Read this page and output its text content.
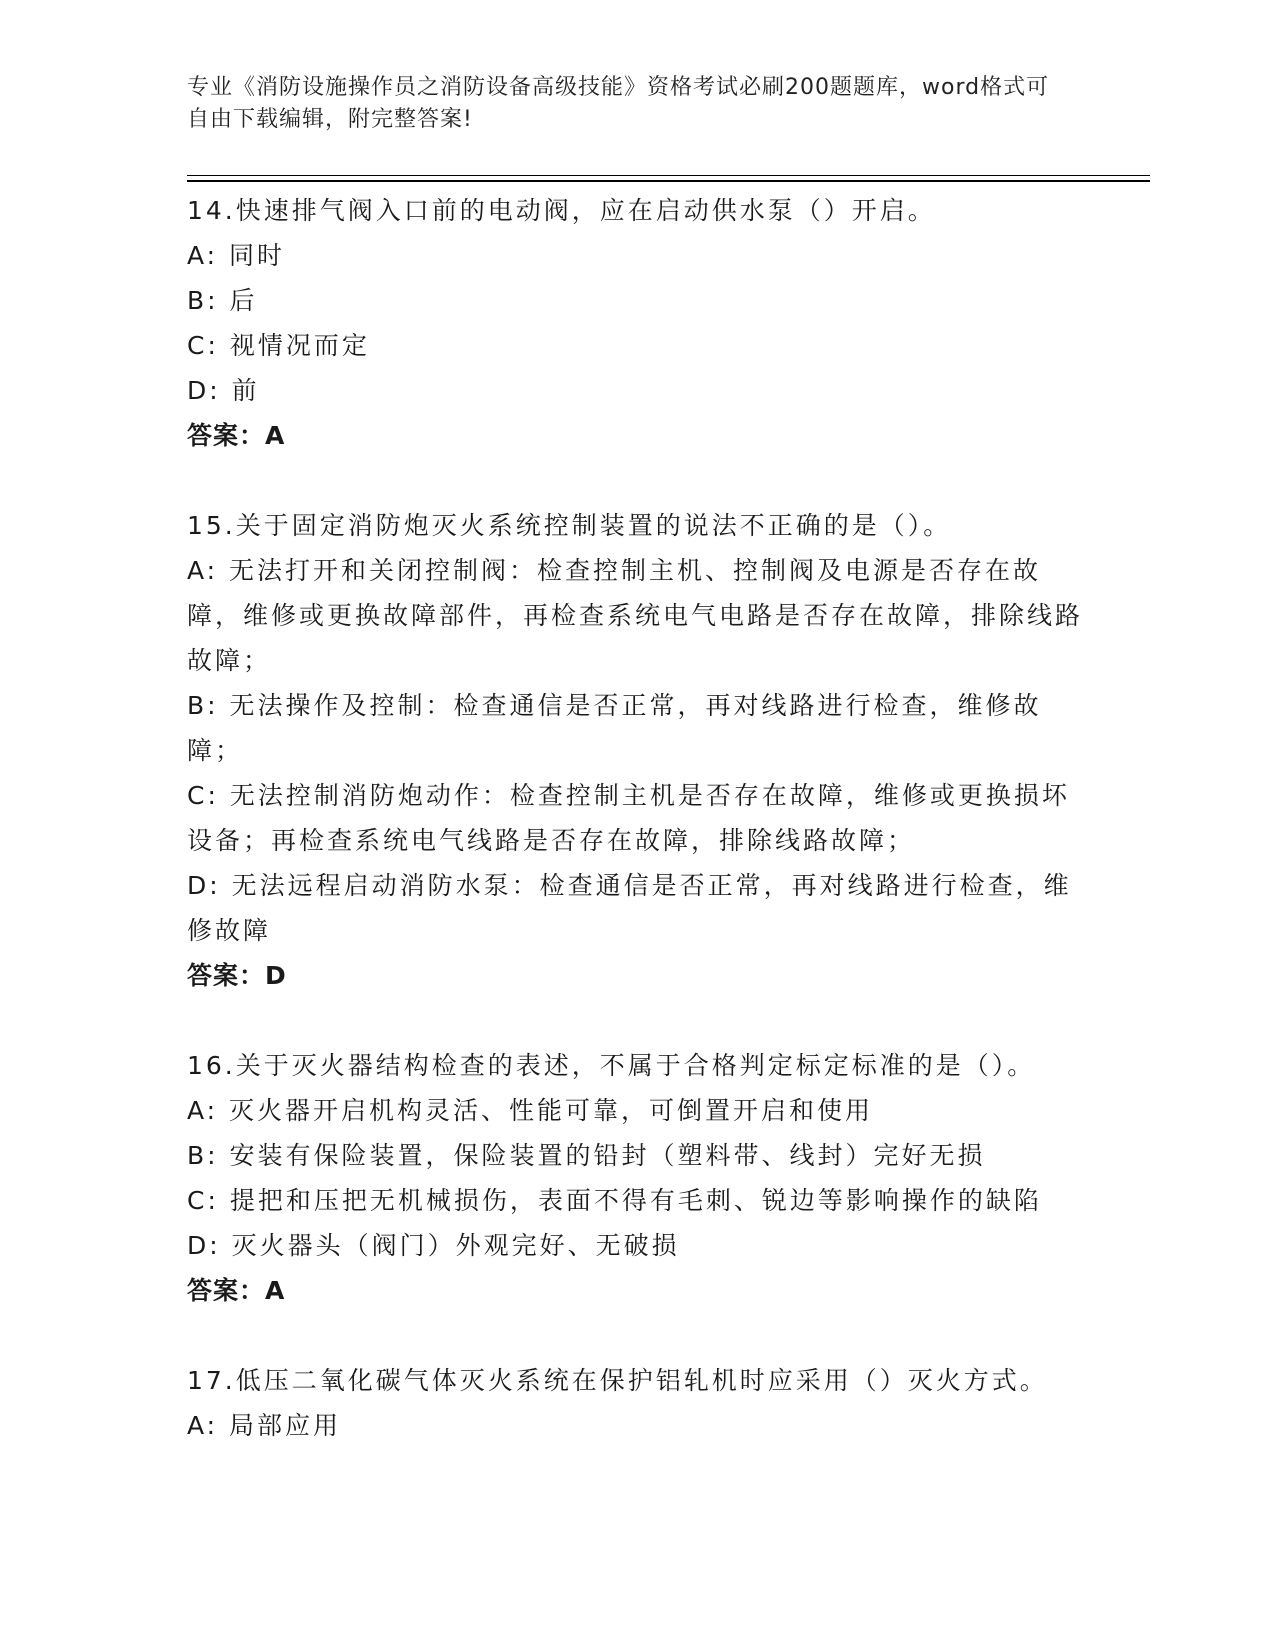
专业《消防设施操作员之消防设备高级技能》资格考试必刷200题题库，word格式可自由下载编辑，附完整答案!
14.快速排气阀入口前的电动阀，应在启动供水泵（）开启。
A: 同时
B: 后
C: 视情况而定
D: 前
答案：A
15.关于固定消防炮灭火系统控制装置的说法不正确的是（）。
A: 无法打开和关闭控制阀：检查控制主机、控制阀及电源是否存在故障，维修或更换故障部件，再检查系统电气电路是否存在故障，排除线路故障；
B: 无法操作及控制：检查通信是否正常，再对线路进行检查，维修故障；
C: 无法控制消防炮动作：检查控制主机是否存在故障，维修或更换损坏设备；再检查系统电气线路是否存在故障，排除线路故障；
D: 无法远程启动消防水泵：检查通信是否正常，再对线路进行检查，维修故障
答案：D
16.关于灭火器结构检查的表述，不属于合格判定标定标准的是（）。
A: 灭火器开启机构灵活、性能可靠，可倒置开启和使用
B: 安装有保险装置，保险装置的铅封（塑料带、线封）完好无损
C: 提把和压把无机械损伤，表面不得有毛刺、锐边等影响操作的缺陷
D: 灭火器头（阀门）外观完好、无破损
答案：A
17.低压二氧化碳气体灭火系统在保护铝轧机时应采用（）灭火方式。
A: 局部应用
